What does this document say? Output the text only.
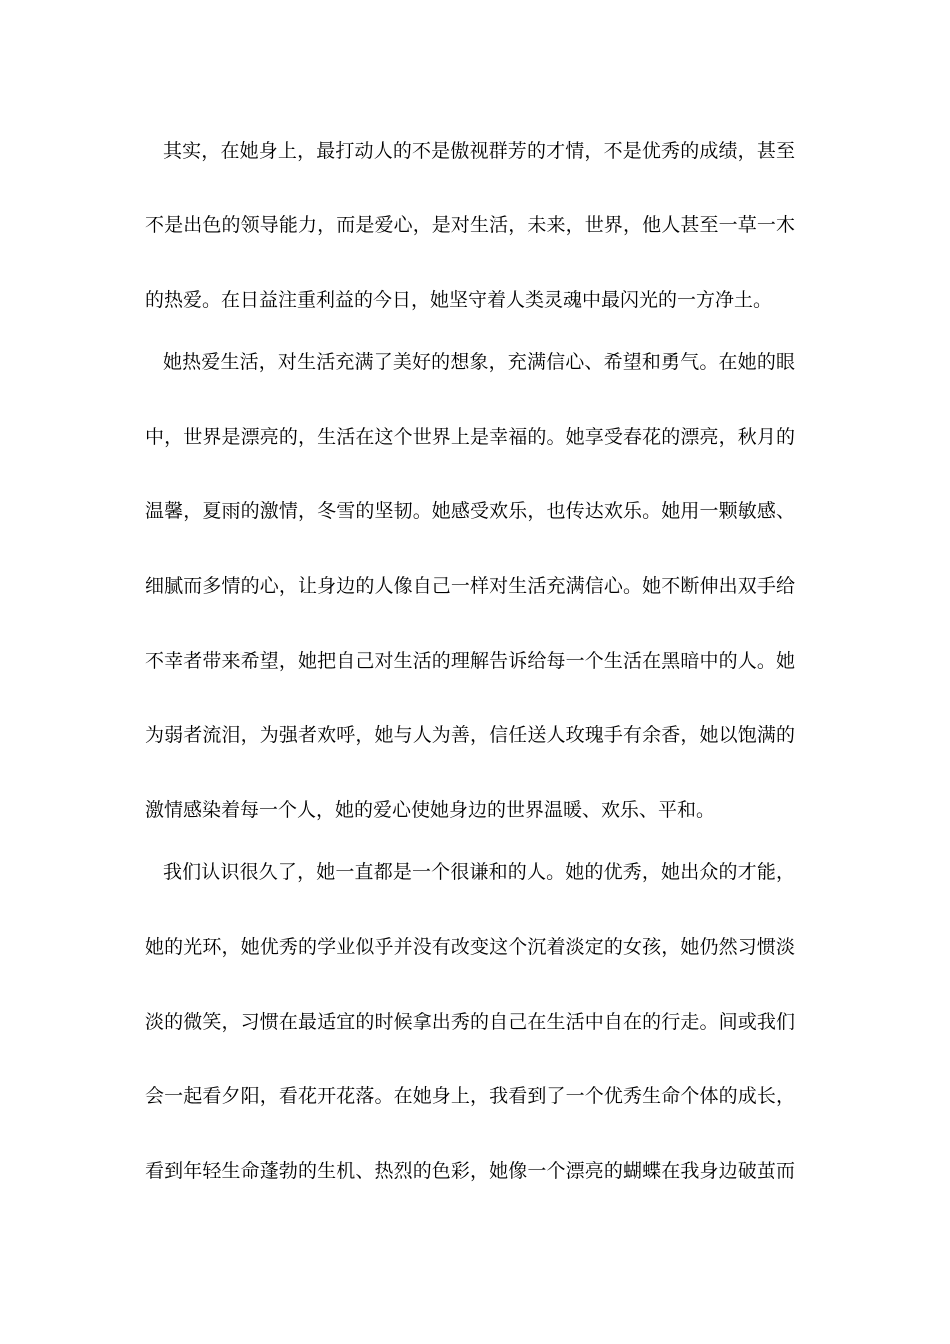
其实，在她身上，最打动人的不是傲视群芳的才情，不是优秀的成绩，甚至
不是出色的领导能力，而是爱心，是对生活，未来，世界，他人甚至一草一木
的热爱。在日益注重利益的今日，她坚守着人类灵魂中最闪光的一方净土。
她热爱生活，对生活充满了美好的想象，充满信心、希望和勇气。在她的眼
中，世界是漂亮的，生活在这个世界上是幸福的。她享受春花的漂亮，秋月的
温馨，夏雨的激情，冬雪的坚韧。她感受欢乐，也传达欢乐。她用一颗敏感、
细腻而多情的心，让身边的人像自己一样对生活充满信心。她不断伸出双手给
不幸者带来希望，她把自己对生活的理解告诉给每一个生活在黑暗中的人。她
为弱者流泪，为强者欢呼，她与人为善，信任送人玫瑰手有余香，她以饱满的
激情感染着每一个人，她的爱心使她身边的世界温暖、欢乐、平和。
我们认识很久了，她一直都是一个很谦和的人。她的优秀，她出众的才能，
她的光环，她优秀的学业似乎并没有改变这个沉着淡定的女孩，她仍然习惯淡
淡的微笑，习惯在最适宜的时候拿出秀的自己在生活中自在的行走。间或我们
会一起看夕阳，看花开花落。在她身上，我看到了一个优秀生命个体的成长，
看到年轻生命蓬勃的生机、热烈的色彩，她像一个漂亮的蝴蝶在我身边破茧而
